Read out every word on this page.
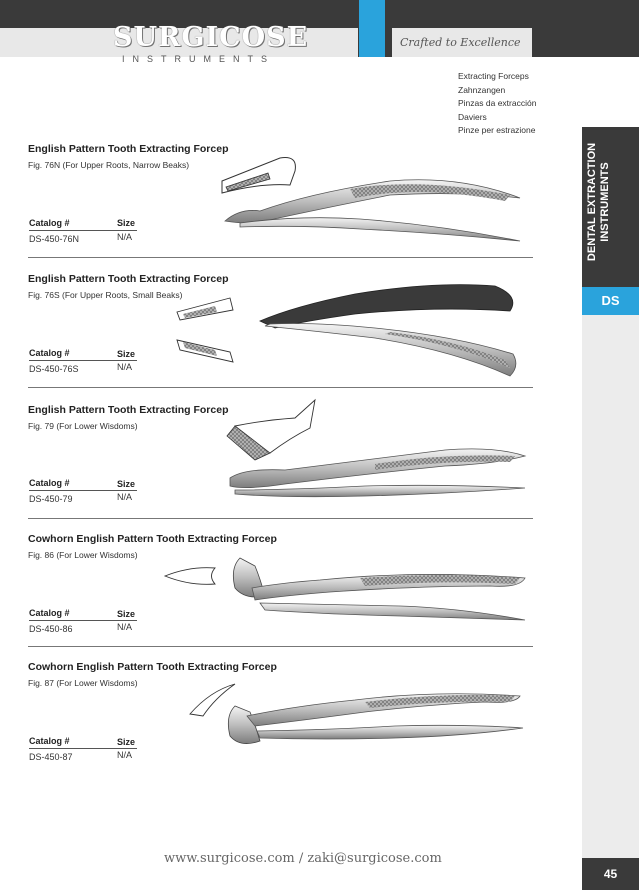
SURGICOSE
INSTRUMENTS
Crafted to Excellence
Extracting Forceps
Zahnzangen
Pinzas da extracción
Daviers
Pinze per estrazione
DENTAL EXTRACTION INSTRUMENTS
DS
45
English Pattern Tooth Extracting Forcep
Fig. 76N (For Upper Roots, Narrow Beaks)
Catalog #	Size
DS-450-76N	N/A
English Pattern Tooth Extracting Forcep
Fig. 76S (For Upper Roots, Small Beaks)
Catalog #	Size
DS-450-76S	N/A
English Pattern Tooth Extracting Forcep
Fig. 79 (For Lower Wisdoms)
Catalog #	Size
DS-450-79	N/A
Cowhorn English Pattern Tooth Extracting Forcep
Fig. 86 (For Lower Wisdoms)
Catalog #	Size
DS-450-86	N/A
Cowhorn English Pattern Tooth Extracting Forcep
Fig. 87 (For Lower Wisdoms)
Catalog #	Size
DS-450-87	N/A
www.surgicose.com / zaki@surgicose.com
